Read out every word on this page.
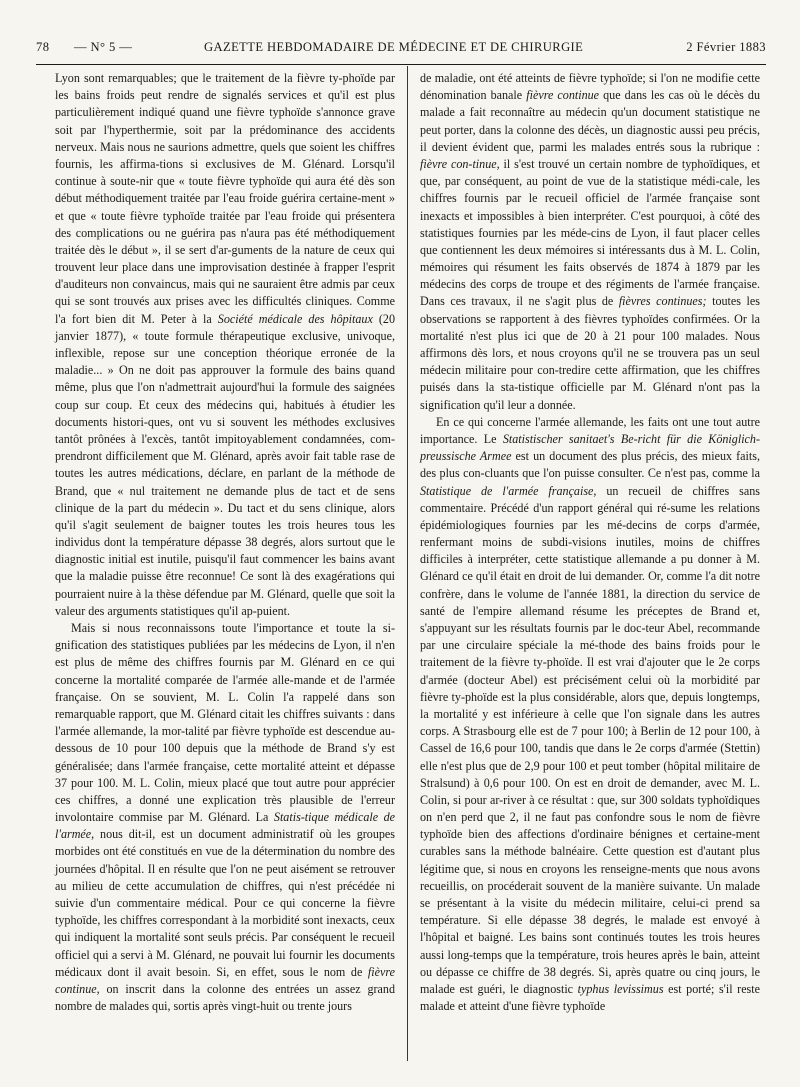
78 — N° 5 —	GAZETTE HEBDOMADAIRE DE MÉDECINE ET DE CHIRURGIE	2 Février 1883

Lyon sont remarquables; que le traitement de la fièvre ty-phoïde par les bains froids peut rendre de signalés services et qu'il est plus particulièrement indiqué quand une fièvre typhoïde s'annonce grave soit par l'hyperthermie, soit par la prédominance des accidents nerveux. Mais nous ne saurions admettre, quels que soient les chiffres fournis, les affirma-tions si exclusives de M. Glénard. Lorsqu'il continue à soute-nir que « toute fièvre typhoïde qui aura été dès son début méthodiquement traitée par l'eau froide guérira certaine-ment » et que « toute fièvre typhoïde traitée par l'eau froide qui présentera des complications ou ne guérira pas n'aura pas été méthodiquement traitée dès le début », il se sert d'ar-guments de la nature de ceux qui trouvent leur place dans une improvisation destinée à frapper l'esprit d'auditeurs non convaincus, mais qui ne sauraient être admis par ceux qui se sont trouvés aux prises avec les difficultés cliniques. Comme l'a fort bien dit M. Peter à la Société médicale des hôpitaux (20 janvier 1877), « toute formule thérapeutique exclusive, univoque, inflexible, repose sur une conception théorique erronée de la maladie... » On ne doit pas approuver la formule des bains quand même, plus que l'on n'admettrait aujourd'hui la formule des saignées coup sur coup. Et ceux des médecins qui, habitués à étudier les documents histori-ques, ont vu si souvent les méthodes exclusives tantôt prônées à l'excès, tantôt impitoyablement condamnées, com-prendront difficilement que M. Glénard, après avoir fait table rase de toutes les autres médications, déclare, en parlant de la méthode de Brand, que « nul traitement ne demande plus de tact et de sens clinique de la part du médecin ». Du tact et du sens clinique, alors qu'il s'agit seulement de baigner toutes les trois heures tous les individus dont la température dépasse 38 degrés, alors surtout que le diagnostic initial est inutile, puisqu'il faut commencer les bains avant que la maladie puisse être reconnue! Ce sont là des exagérations qui pourraient nuire à la thèse défendue par M. Glénard, quelle que soit la valeur des arguments statistiques qu'il ap-puient.

Mais si nous reconnaissons toute l'importance et toute la si-gnification des statistiques publiées par les médecins de Lyon, il n'en est plus de même des chiffres fournis par M. Glénard en ce qui concerne la mortalité comparée de l'armée alle-mande et de l'armée française. On se souvient, M. L. Colin l'a rappelé dans son remarquable rapport, que M. Glénard citait les chiffres suivants : dans l'armée allemande, la mor-talité par fièvre typhoïde est descendue au-dessous de 10 pour 100 depuis que la méthode de Brand s'y est généralisée; dans l'armée française, cette mortalité atteint et dépasse 37 pour 100. M. L. Colin, mieux placé que tout autre pour apprécier ces chiffres, a donné une explication très plausible de l'erreur involontaire commise par M. Glénard. La Statis-tique médicale de l'armée, nous dit-il, est un document administratif où les groupes morbides ont été constitués en vue de la détermination du nombre des journées d'hôpital. Il en résulte que l'on ne peut aisément se retrouver au milieu de cette accumulation de chiffres, qui n'est précédée ni suivie d'un commentaire médical. Pour ce qui concerne la fièvre typhoïde, les chiffres correspondant à la morbidité sont inexacts, ceux qui indiquent la mortalité sont seuls précis. Par conséquent le recueil officiel qui a servi à M. Glénard, ne pouvait lui fournir les documents médicaux dont il avait besoin. Si, en effet, sous le nom de fièvre continue, on inscrit dans la colonne des entrées un assez grand nombre de malades qui, sortis après vingt-huit ou trente jours

de maladie, ont été atteints de fièvre typhoïde; si l'on ne modifie cette dénomination banale fièvre continue que dans les cas où le décès du malade a fait reconnaître au médecin qu'un document statistique ne peut porter, dans la colonne des décès, un diagnostic aussi peu précis, il devient évident que, parmi les malades entrés sous la rubrique : fièvre con-tinue, il s'est trouvé un certain nombre de typhoïdiques, et que, par conséquent, au point de vue de la statistique médi-cale, les chiffres fournis par le recueil officiel de l'armée française sont inexacts et impossibles à bien interpréter. C'est pourquoi, à côté des statistiques fournies par les méde-cins de Lyon, il faut placer celles que contiennent les deux mémoires si intéressants dus à M. L. Colin, mémoires qui résument les faits observés de 1874 à 1879 par les médecins des corps de troupe et des régiments de l'armée française. Dans ces travaux, il ne s'agit plus de fièvres continues; toutes les observations se rapportent à des fièvres typhoïdes confirmées. Or la mortalité n'est plus ici que de 20 à 21 pour 100 malades. Nous affirmons dès lors, et nous croyons qu'il ne se trouvera pas un seul médecin militaire pour con-tredire cette affirmation, que les chiffres puisés dans la sta-tistique officielle par M. Glénard n'ont pas la signification qu'il leur a donnée.

En ce qui concerne l'armée allemande, les faits ont une tout autre importance. Le Statistischer sanitaet's Be-richt für die Königlich-preussische Armee est un document des plus précis, des mieux faits, des plus con-cluants que l'on puisse consulter. Ce n'est pas, comme la Statistique de l'armée française, un recueil de chiffres sans commentaire. Précédé d'un rapport général qui ré-sume les relations épidémiologiques fournies par les mé-decins de corps d'armée, renfermant moins de subdi-visions inutiles, moins de chiffres difficiles à interpréter, cette statistique allemande a pu donner à M. Glénard ce qu'il était en droit de lui demander. Or, comme l'a dit notre confrère, dans le volume de l'année 1881, la direction du service de santé de l'empire allemand résume les préceptes de Brand et, s'appuyant sur les résultats fournis par le doc-teur Abel, recommande par une circulaire spéciale la mé-thode des bains froids pour le traitement de la fièvre ty-phoïde. Il est vrai d'ajouter que le 2e corps d'armée (docteur Abel) est précisément celui où la morbidité par fièvre ty-phoïde est la plus considérable, alors que, depuis longtemps, la mortalité y est inférieure à celle que l'on signale dans les autres corps. A Strasbourg elle est de 7 pour 100; à Berlin de 12 pour 100, à Cassel de 16,6 pour 100, tandis que dans le 2e corps d'armée (Stettin) elle n'est plus que de 2,9 pour 100 et peut tomber (hôpital militaire de Stralsund) à 0,6 pour 100. On est en droit de demander, avec M. L. Colin, si pour ar-river à ce résultat : que, sur 300 soldats typhoïdiques on n'en perd que 2, il ne faut pas confondre sous le nom de fièvre typhoïde bien des affections d'ordinaire bénignes et certaine-ment curables sans la méthode balnéaire. Cette question est d'autant plus légitime que, si nous en croyons les renseigne-ments que nous avons recueillis, on procéderait souvent de la manière suivante. Un malade se présentant à la visite du médecin militaire, celui-ci prend sa température. Si elle dépasse 38 degrés, le malade est envoyé à l'hôpital et baigné. Les bains sont continués toutes les trois heures aussi long-temps que la température, trois heures après le bain, atteint ou dépasse ce chiffre de 38 degrés. Si, après quatre ou cinq jours, le malade est guéri, le diagnostic typhus levissimus est porté; s'il reste malade et atteint d'une fièvre typhoïde
